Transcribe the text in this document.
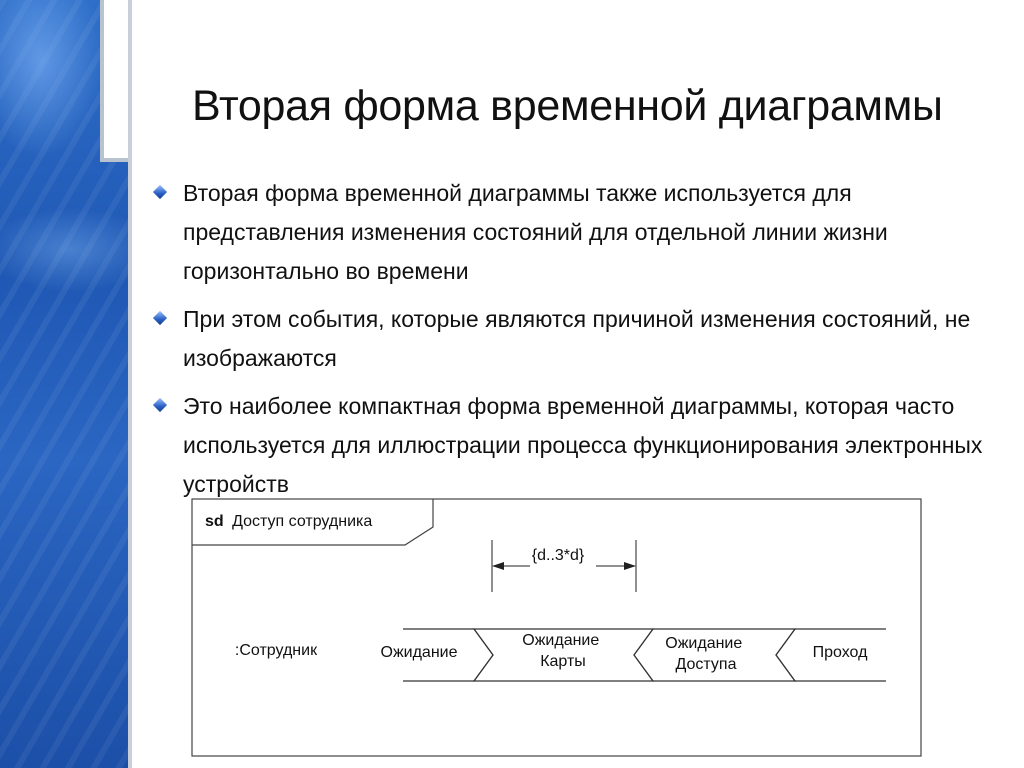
Вторая форма временной диаграммы
Вторая форма временной диаграммы также используется для представления изменения состояний для отдельной линии жизни горизонтально во времени
При этом события, которые являются причиной изменения состояний, не изображаются
Это наиболее компактная форма временной диаграммы, которая часто используется для иллюстрации процесса функционирования электронных устройств
sd Доступ сотрудника
{d..3*d}
:Сотрудник	Ожидание
Ожидание Карты
Ожидание Доступа
Проход
